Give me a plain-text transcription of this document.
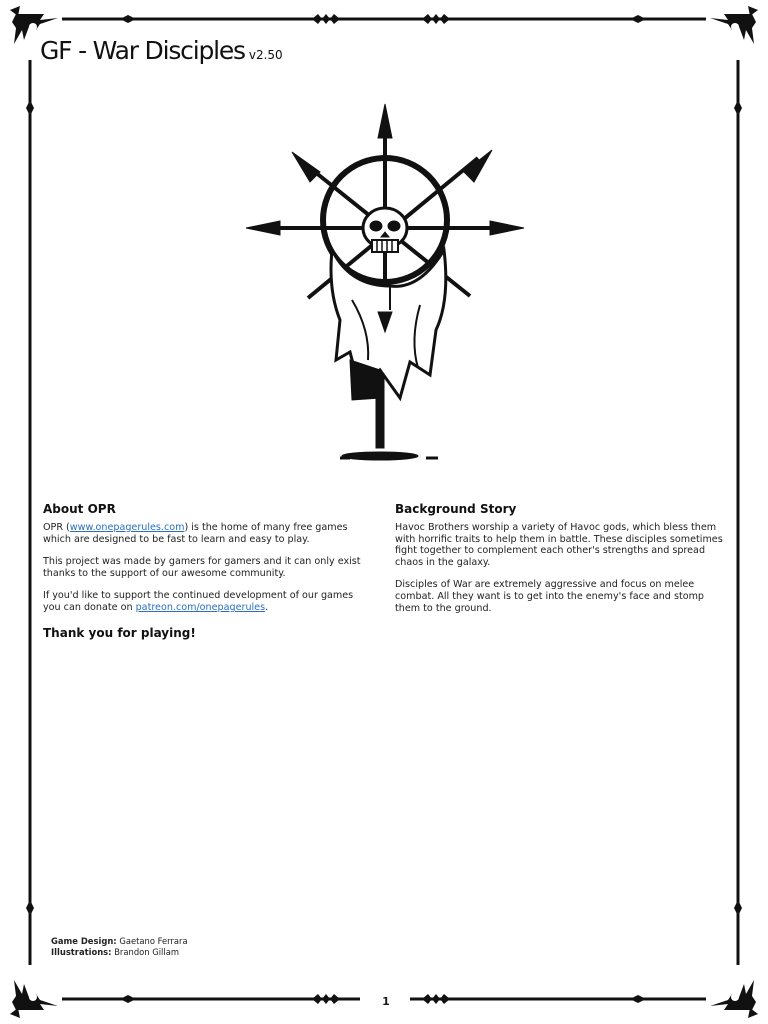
GF - War Disciples v2.50
About OPR

OPR (www.onepagerules.com) is the home of many free games which are designed to be fast to learn and easy to play.

This project was made by gamers for gamers and it can only exist thanks to the support of our awesome community.

If you'd like to support the continued development of our games you can donate on patreon.com/onepagerules.

Thank you for playing!
Background Story

Havoc Brothers worship a variety of Havoc gods, which bless them with horrific traits to help them in battle. These disciples sometimes fight together to complement each other's strengths and spread chaos in the galaxy.

Disciples of War are extremely aggressive and focus on melee combat. All they want is to get into the enemy's face and stomp them to the ground.

Game Design: Gaetano Ferrara
Illustrations: Brandon Gillam
1
